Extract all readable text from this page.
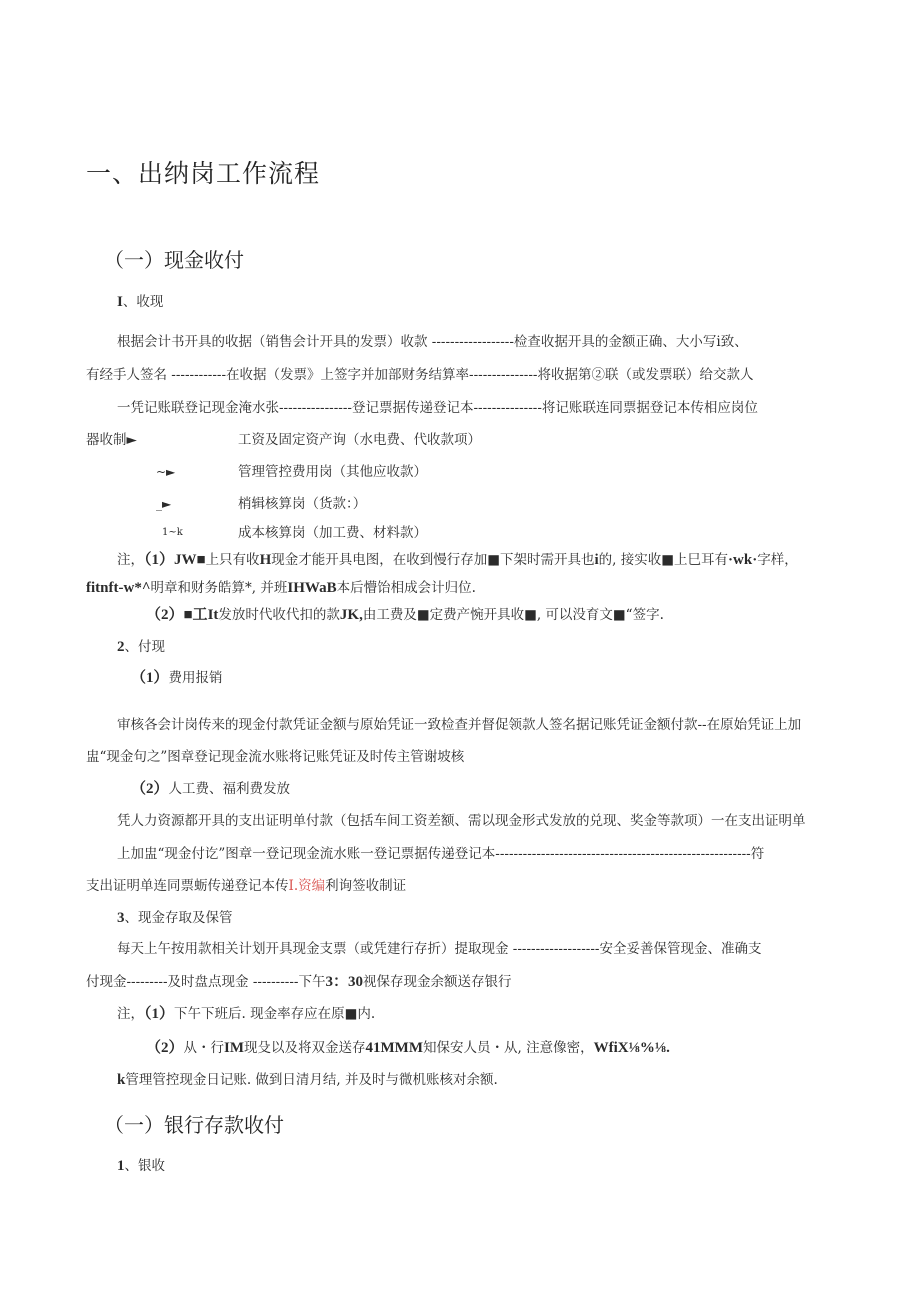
一、出纳岗工作流程
（一）现金收付
I、收现
根据会计书开具的收据（销售会计开具的发票）收款 ------------------检查收据开具的金额正确、大小写i致、
有经手人签名 ------------在收据（发票》上签字并加部财务结算率---------------将收据第②联（或发票联）给交款人
一凭记账联登记现金淹水张----------------登记票据传递登记本---------------将记账联连同票据登记本传相应岗位
器收制►	工资及固定资产询（水电费、代收款项）
~►	管理管控费用岗（其他应收款）
_►	梢辑核算岗（货款：）
1~k	成本核算岗（加工费、材料款）
注，（1）JW■上只有收H现金才能开具电图，在收到慢行存加■下架时需开具也i的, 接实收■上巳耳有·wk·字样，
fitnft-w*^明章和财务皓算*, 并班IHWaB本后懵饴相成会计归位.
（2）■工It发放时代收代扣的款JK,由工费及■定费产惋开具收■, 可以没育文■“签字.
2、付现
（1）费用报销
审核各会计岗传来的现金付款凭证金额与原始凭证一致检查并督促领款人签名据记账凭证金额付款--在原始凭证上加
盅“现金句之”图章登记现金流水账将记账凭证及时传主管谢坡核
（2）人工费、福利费发放
凭人力资源都开具的支出证明单付款（包括车间工资差额、需以现金形式发放的兑现、奖金等款项）一在支出证明单
上加盅“现金付讫”图章一登记现金流水账一登记票据传递登记本--------------------------------------------------------符
支出证明单连同票蛎传递登记本传I.资编利询签收制证
3、现金存取及保管
每天上午按用款相关计划开具现金支票（或凭建行存折）提取现金 -------------------安全妥善保管现金、准确支
付现金---------及时盘点现金 ----------下午3：30视保存现金余额送存银行
注，（1）下午下班后. 现金率存应在原■内.
（2）从・行IM现殳以及将双金送存41MMM知保安人员・从, 注意像密，WfiX⅛%⅛.
k管理管控现金日记账. 做到日清月结, 并及时与微机账核对余额.
（一）银行存款收付
1、银收
